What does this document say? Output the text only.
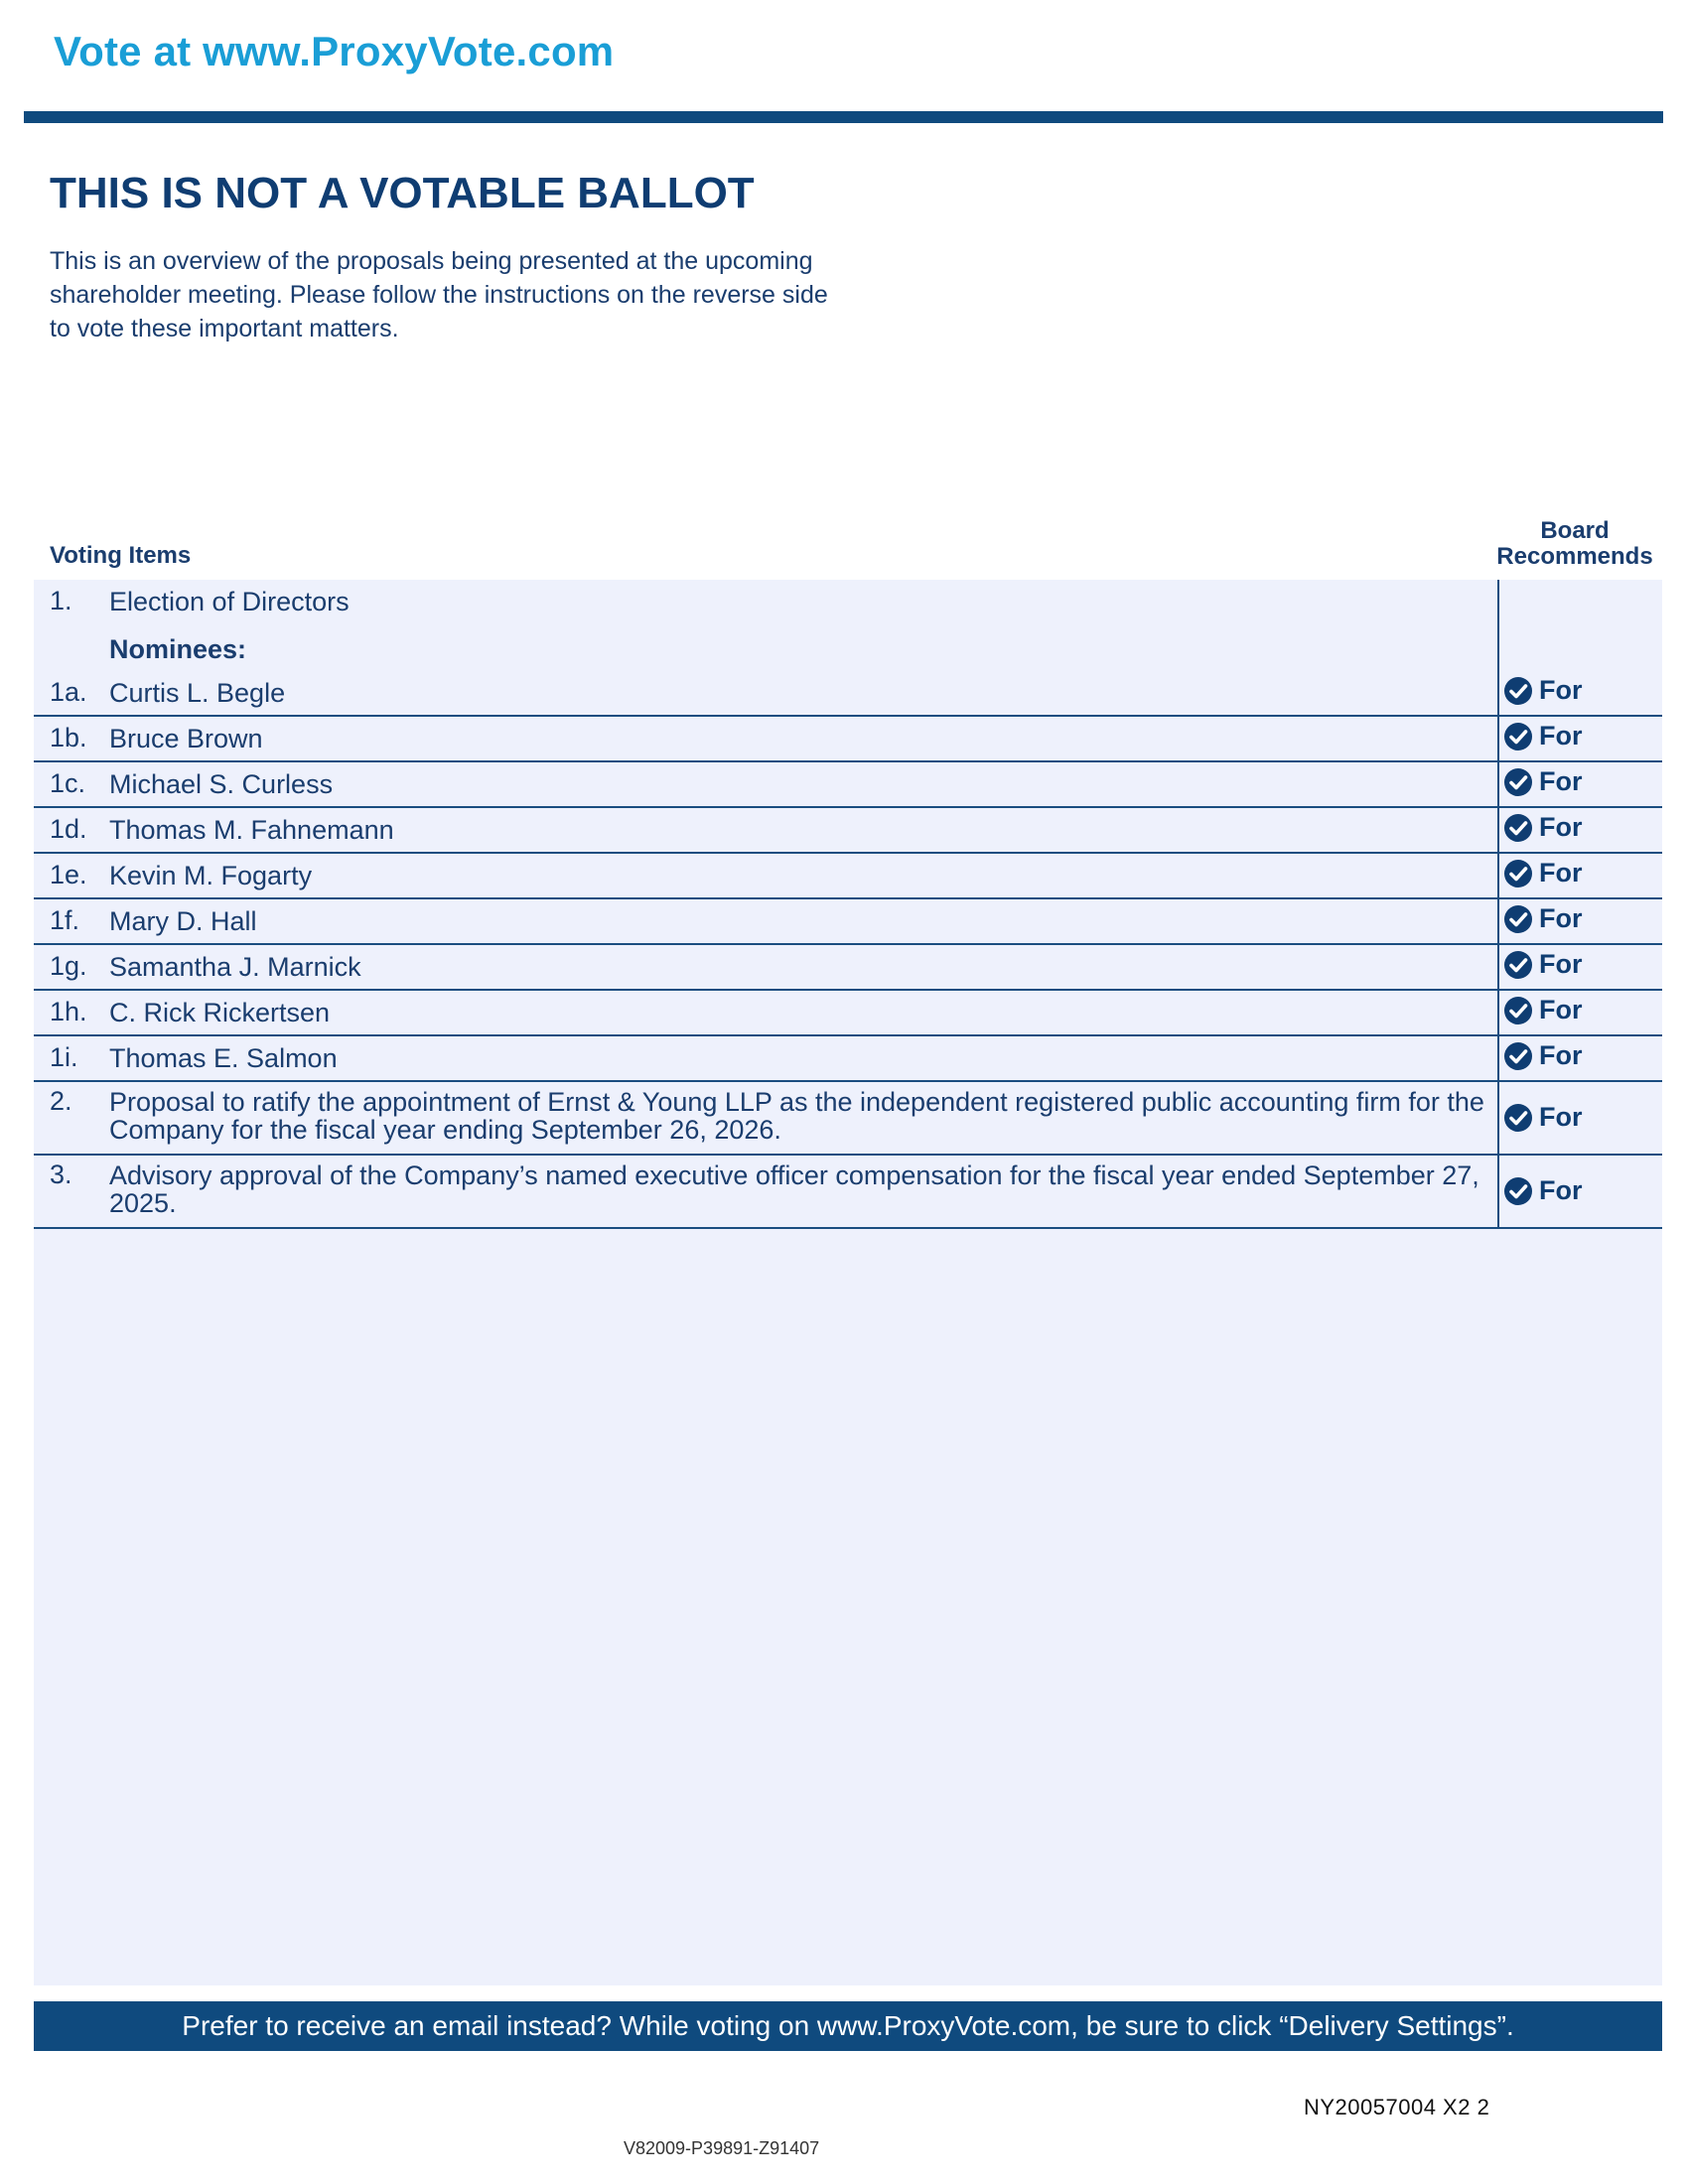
Vote at www.ProxyVote.com
THIS IS NOT A VOTABLE BALLOT
This is an overview of the proposals being presented at the upcoming shareholder meeting. Please follow the instructions on the reverse side to vote these important matters.
Voting Items
Board
Recommends
1. Election of Directors
Nominees:
1a. Curtis L. Begle	For
1b. Bruce Brown	For
1c. Michael S. Curless	For
1d. Thomas M. Fahnemann	For
1e. Kevin M. Fogarty	For
1f. Mary D. Hall	For
1g. Samantha J. Marnick	For
1h. C. Rick Rickertsen	For
1i. Thomas E. Salmon	For
2. Proposal to ratify the appointment of Ernst & Young LLP as the independent registered public accounting firm for the Company for the fiscal year ending September 26, 2026.	For
3. Advisory approval of the Company’s named executive officer compensation for the fiscal year ended September 27, 2025.	For
Prefer to receive an email instead? While voting on www.ProxyVote.com, be sure to click “Delivery Settings”.
NY20057004 X2 2
V82009-P39891-Z91407
